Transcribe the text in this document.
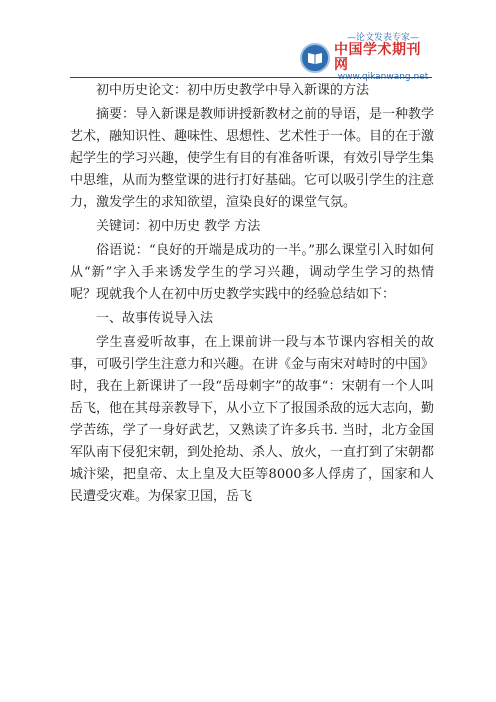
—论文发表专家—
中国学术期刊网
www.qikanwang.net

初中历史论文：初中历史教学中导入新课的方法

摘要：导入新课是教师讲授新教材之前的导语，是一种教学艺术，融知识性、趣味性、思想性、艺术性于一体。目的在于激起学生的学习兴趣，使学生有目的有准备听课，有效引导学生集中思维，从而为整堂课的进行打好基础。它可以吸引学生的注意力，激发学生的求知欲望，渲染良好的课堂气氛。

关键词：初中历史 教学 方法

俗语说：“良好的开端是成功的一半。”那么课堂引入时如何从“新”字入手来诱发学生的学习兴趣，调动学生学习的热情呢？现就我个人在初中历史教学实践中的经验总结如下：

一、故事传说导入法

学生喜爱听故事，在上课前讲一段与本节课内容相关的故事，可吸引学生注意力和兴趣。在讲《金与南宋对峙时的中国》时，我在上新课讲了一段“岳母刺字”的故事“：宋朝有一个人叫岳飞，他在其母亲教导下，从小立下了报国杀敌的远大志向，勤学苦练，学了一身好武艺，又熟读了许多兵书. 当时，北方金国军队南下侵犯宋朝，到处抢劫、杀人、放火，一直打到了宋朝都城汴梁，把皇帝、太上皇及大臣等8000多人俘虏了，国家和人民遭受灾难。为保家卫国，岳飞
